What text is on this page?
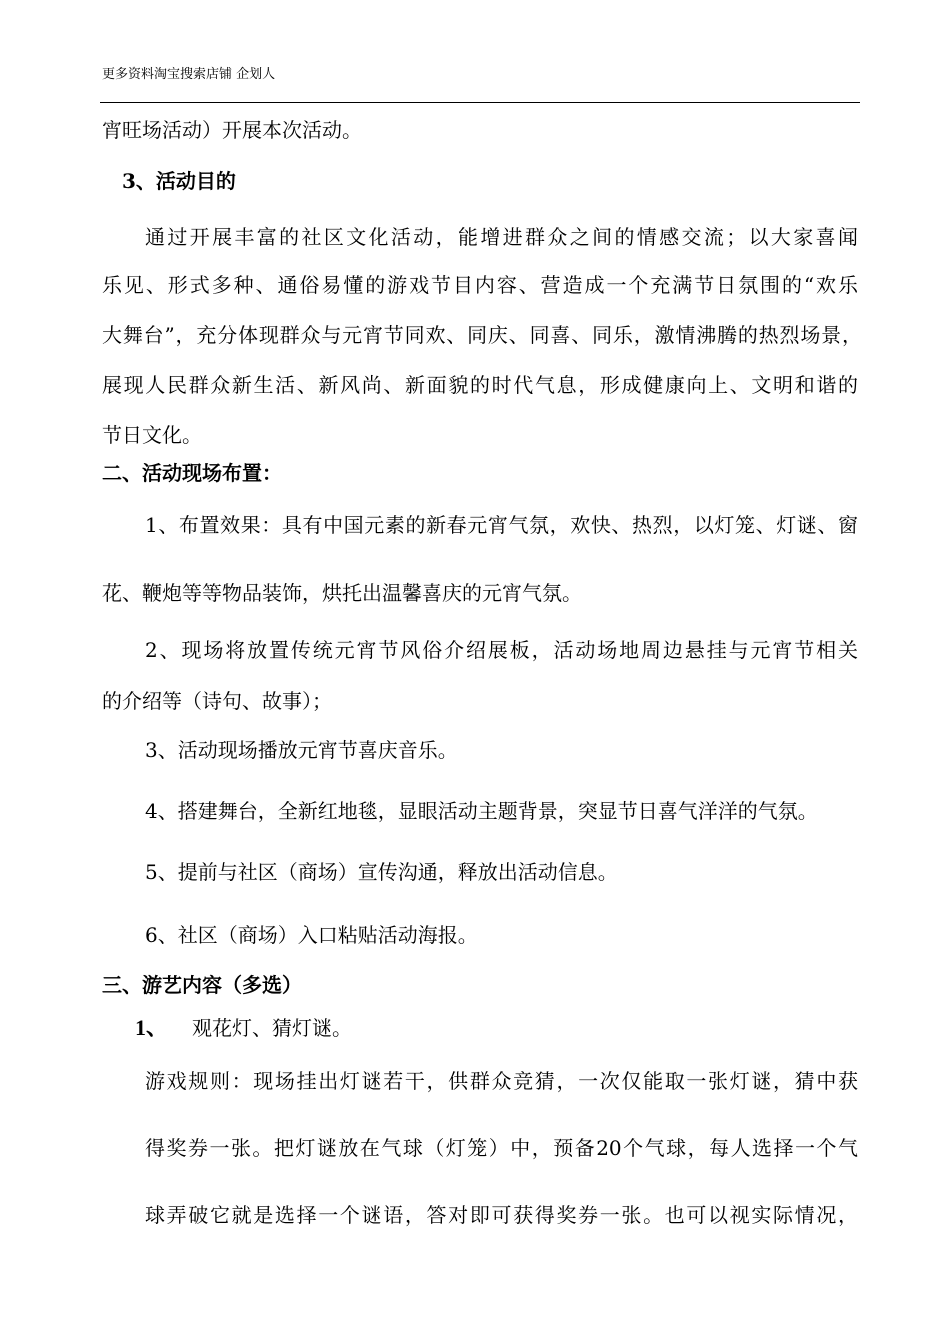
更多资料淘宝搜索店铺 企划人
宵旺场活动）开展本次活动。
3、活动目的
通过开展丰富的社区文化活动，能增进群众之间的情感交流；以大家喜闻
乐见、形式多种、通俗易懂的游戏节目内容、营造成一个充满节日氛围的“欢乐
大舞台”，充分体现群众与元宵节同欢、同庆、同喜、同乐，激情沸腾的热烈场景，
展现人民群众新生活、新风尚、新面貌的时代气息，形成健康向上、文明和谐的
节日文化。
二、活动现场布置：
1、布置效果：具有中国元素的新春元宵气氛，欢快、热烈，以灯笼、灯谜、窗
花、鞭炮等等物品装饰，烘托出温馨喜庆的元宵气氛。
2、现场将放置传统元宵节风俗介绍展板，活动场地周边悬挂与元宵节相关
的介绍等（诗句、故事）；
3、活动现场播放元宵节喜庆音乐。
4、搭建舞台，全新红地毯，显眼活动主题背景，突显节日喜气洋洋的气氛。
5、提前与社区（商场）宣传沟通，释放出活动信息。
6、社区（商场）入口粘贴活动海报。
三、游艺内容（多选）
1、 观花灯、猜灯谜。
游戏规则：现场挂出灯谜若干，供群众竞猜，一次仅能取一张灯谜，猜中获
得奖券一张。把灯谜放在气球（灯笼）中，预备20个气球，每人选择一个气
球弄破它就是选择一个谜语，答对即可获得奖券一张。也可以视实际情况，
